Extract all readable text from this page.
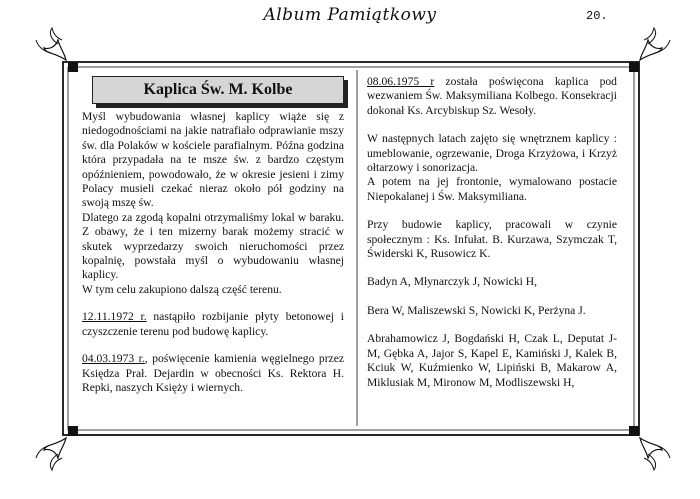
Album Pamiątkowy	20.
Kaplica Św. M. Kolbe

Myśl wybudowania własnej kaplicy wiąże się z niedogodnościami na jakie natrafiało odprawianie mszy św. dla Polaków w kościele parafialnym. Późna godzina która przypadała na te msze św. z bardzo częstym opóźnieniem, powodowało, że w okresie jesieni i zimy Polacy musieli czekać nieraz około pół godziny na swoją mszę św.

Dlatego za zgodą kopalni otrzymaliśmy lokal w baraku. Z obawy, że i ten mizerny barak możemy stracić w skutek wyprzedarzy swoich nieruchomości przez kopalnię, powstała myśl o wybudowaniu własnej kaplicy.

W tym celu zakupiono dalszą część terenu.

12.11.1972 r. nastąpiło rozbijanie płyty betonowej i czyszczenie terenu pod budowę kaplicy.

04.03.1973 r., poświęcenie kamienia węgielnego przez Księdza Prał. Dejardin w obecności Ks. Rektora H. Repki, naszych Księży i wiernych.

08.06.1975 r została poświęcona kaplica pod wezwaniem Św. Maksymiliana Kolbego. Konsekracji dokonał Ks. Arcybiskup Sz. Wesoły.

W następnych latach zajęto się wnętrznem kaplicy : umeblowanie, ogrzewanie, Droga Krzyżowa, i Krzyż ołtarzowy i sonorizacja.

A potem na jej frontonie, wymalowano postacie Niepokalanej i Św. Maksymiliana.

Przy budowie kaplicy, pracowali w czynie społecznym : Ks. Infułat. B. Kurzawa, Szymczak T, Świderski K, Rusowicz K.

Badyn A, Młynarczyk J, Nowicki H,

Bera W, Maliszewski S, Nowicki K, Perżyna J.

Abrahamowicz J, Bogdański H, Czak L, Deputat J-M, Gębka A, Jajor S, Kapel E, Kamiński J, Kalek B, Kciuk W, Kuźmienko W, Lipiński B, Makarow A, Miklusiak M, Mironow M, Modliszewski H,
